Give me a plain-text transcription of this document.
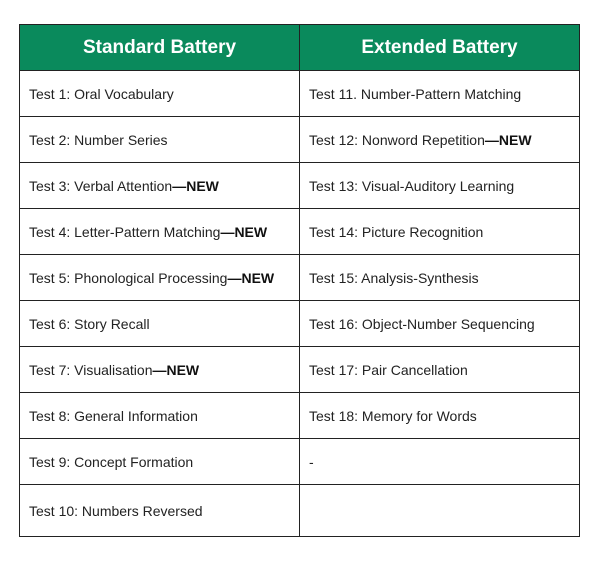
Standard Battery	Extended Battery
Test 1: Oral Vocabulary	Test 11. Number-Pattern Matching
Test 2: Number Series	Test 12: Nonword Repetition—NEW
Test 3: Verbal Attention—NEW	Test 13: Visual-Auditory Learning
Test 4: Letter-Pattern Matching—NEW	Test 14: Picture Recognition
Test 5: Phonological Processing—NEW	Test 15: Analysis-Synthesis
Test 6: Story Recall	Test 16: Object-Number Sequencing
Test 7: Visualisation—NEW	Test 17: Pair Cancellation
Test 8: General Information	Test 18: Memory for Words
Test 9: Concept Formation	-
Test 10: Numbers Reversed	
